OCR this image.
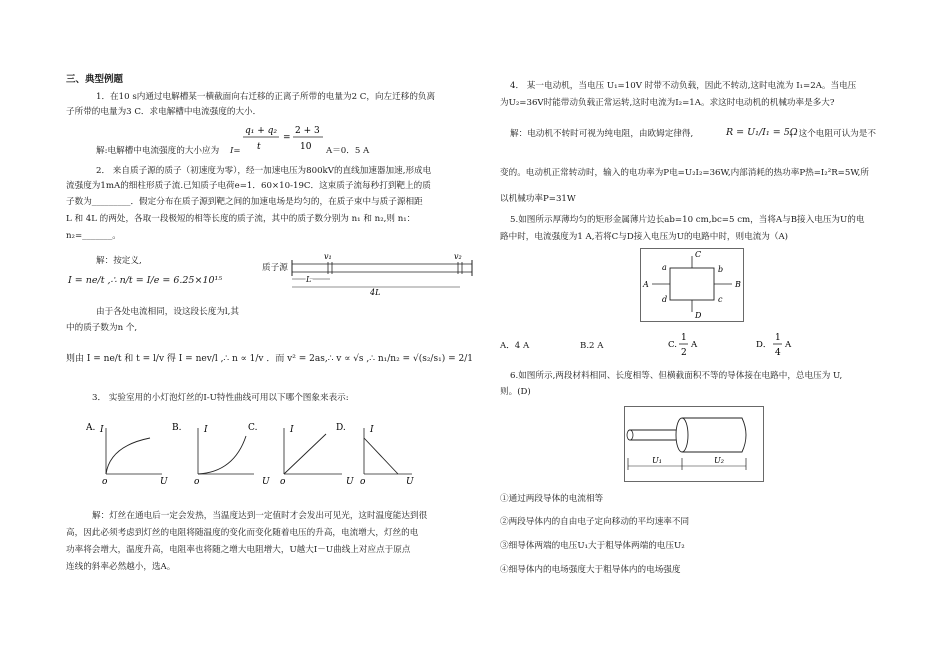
三、典型例题
1．在10 s内通过电解槽某一横截面向右迁移的正离子所带的电量为2 C，向左迁移的负离
子所带的电量为3 C．求电解槽中电流强度的大小．
解:电解槽中电流强度的大小应为 I=
q₁ + q₂
t
=
2 + 3
10 A＝0．5 A
2． 来自质子源的质子（初速度为零），经一加速电压为800kV的直线加速器加速,形成电
流强度为1mA的细柱形质子流.已知质子电荷e=1．60×10-19C．这束质子流每秒打到靶上的质
子数为_________．假定分布在质子源到靶之间的加速电场是均匀的，在质子束中与质子源相距
L 和 4L 的两处，各取一段极短的相等长度的质子流，其中的质子数分别为 n₁ 和 n₂,则 n₁：
n₂=_______。
解：按定义,
I = ne/t ,∴ n/t = I/e = 6.25×10¹⁵
质子源
v₁	v₂
L
4L
由于各处电流相同，设这段长度为l,其
中的质子数为n 个,
则由 I = ne/t 和 t = l/v 得 I = nev/l ,∴ n ∝ 1/v ．而 v² = 2as,∴ v ∝ √s ,∴ n₁/n₂ = √(s₂/s₁) = 2/1
3． 实验室用的小灯泡灯丝的I-U特性曲线可用以下哪个图象来表示:
A. I
o	U
B.	I
o	U
C.	I
o	U
D.	I
o	U
解：灯丝在通电后一定会发热，当温度达到一定值时才会发出可见光，这时温度能达到很
高，因此必须考虑到灯丝的电阻将随温度的变化而变化随着电压的升高，电流增大，灯丝的电
功率将会增大，温度升高，电阻率也将随之增大电阻增大，U越大I－U曲线上对应点于原点
连线的斜率必然越小，选A。
4． 某一电动机，当电压 U₁=10V 时带不动负载，因此不转动,这时电流为 I₁=2A。当电压
为U₂=36V时能带动负载正常运转,这时电流为I₂=1A。求这时电动机的机械功率是多大?
解：电动机不转时可视为纯电阻，由欧姆定律得,	R = U₁/I₁ = 5Ω
，这个电阻可认为是不
变的。电动机正常转动时，输入的电功率为P电=U₂I₂=36W,内部消耗的热功率P热=I₂²R=5W,所
以机械功率P=31W
5.如图所示厚薄均匀的矩形金属薄片边长ab=10 cm,bc=5 cm，当将A与B接入电压为U的电
路中时，电流强度为1 A,若将C与D接入电压为U的电路中时，则电流为（A)
A	B
C
D
a	b
c
d
A．4 A	B.2 A	C.
1
2
A	D．
1
4
A
6.如图所示,两段材料相同、长度相等、但横截面积不等的导体接在电路中，总电压为 U,
则。(D)
U₁	U₂
①通过两段导体的电流相等
②两段导体内的自由电子定向移动的平均速率不同
③细导体两端的电压U₁大于粗导体两端的电压U₂
④细导体内的电场强度大于粗导体内的电场强度
